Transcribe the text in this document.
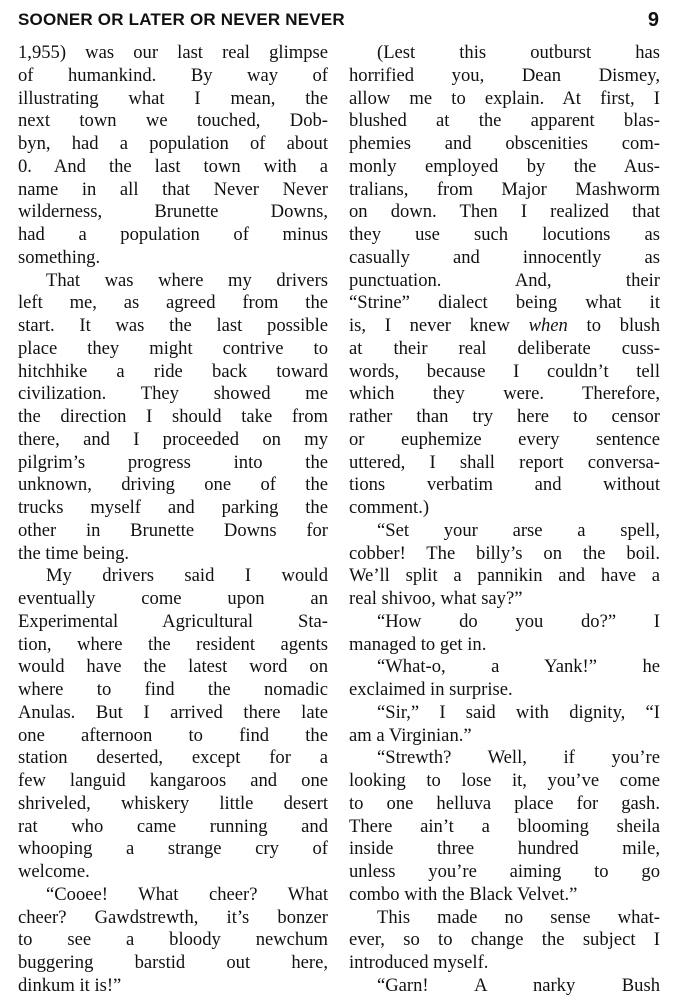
SOONER OR LATER OR NEVER NEVER	9
1,955) was our last real glimpse
of humankind. By way of
illustrating what I mean, the
next town we touched, Dob-
byn, had a population of about
0. And the last town with a
name in all that Never Never
wilderness, Brunette Downs,
had a population of minus
something.
That was where my drivers
left me, as agreed from the
start. It was the last possible
place they might contrive to
hitchhike a ride back toward
civilization. They showed me
the direction I should take from
there, and I proceeded on my
pilgrim’s progress into the
unknown, driving one of the
trucks myself and parking the
other in Brunette Downs for
the time being.
My drivers said I would
eventually come upon an
Experimental Agricultural Sta-
tion, where the resident agents
would have the latest word on
where to find the nomadic
Anulas. But I arrived there late
one afternoon to find the
station deserted, except for a
few languid kangaroos and one
shriveled, whiskery little desert
rat who came running and
whooping a strange cry of
welcome.
“Cooee! What cheer? What
cheer? Gawdstrewth, it’s bonzer
to see a bloody newchum
buggering barstid out here,
dinkum it is!”
(Lest this outburst has
horrified you, Dean Dismey,
allow me to explain. At first, I
blushed at the apparent blas-
phemies and obscenities com-
monly employed by the Aus-
tralians, from Major Mashworm
on down. Then I realized that
they use such locutions as
casually and innocently as
punctuation. And, their
“Strine” dialect being what it
is, I never knew when to blush
at their real deliberate cuss-
words, because I couldn’t tell
which they were. Therefore,
rather than try here to censor
or euphemize every sentence
uttered, I shall report conversa-
tions verbatim and without
comment.)
“Set your arse a spell,
cobber! The billy’s on the boil.
We’ll split a pannikin and have a
real shivoo, what say?”
“How do you do?” I
managed to get in.
“What-o, a Yank!” he
exclaimed in surprise.
“Sir,” I said with dignity, “I
am a Virginian.”
“Strewth? Well, if you’re
looking to lose it, you’ve come
to one helluva place for gash.
There ain’t a blooming sheila
inside three hundred mile,
unless you’re aiming to go
combo with the Black Velvet.”
This made no sense what-
ever, so to change the subject I
introduced myself.
“Garn! A narky Bush
